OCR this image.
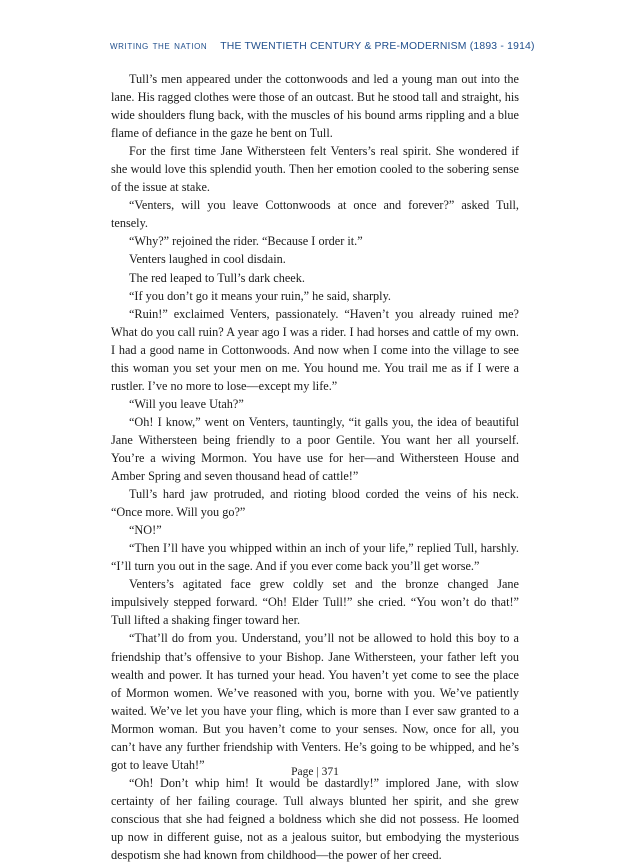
writing the nation THE TWENTIETH CENTURY & PRE-MODERNISM (1893 - 1914)

Tull’s men appeared under the cottonwoods and led a young man out into the lane. His ragged clothes were those of an outcast. But he stood tall and straight, his wide shoulders flung back, with the muscles of his bound arms rippling and a blue flame of defiance in the gaze he bent on Tull.

For the first time Jane Withersteen felt Venters’s real spirit. She wondered if she would love this splendid youth. Then her emotion cooled to the sobering sense of the issue at stake.

“Venters, will you leave Cottonwoods at once and forever?” asked Tull, tensely.

“Why?” rejoined the rider. “Because I order it.”

Venters laughed in cool disdain.

The red leaped to Tull’s dark cheek.

“If you don’t go it means your ruin,” he said, sharply.

“Ruin!” exclaimed Venters, passionately. “Haven’t you already ruined me? What do you call ruin? A year ago I was a rider. I had horses and cattle of my own. I had a good name in Cottonwoods. And now when I come into the village to see this woman you set your men on me. You hound me. You trail me as if I were a rustler. I’ve no more to lose—except my life.”

“Will you leave Utah?”

“Oh! I know,” went on Venters, tauntingly, “it galls you, the idea of beautiful Jane Withersteen being friendly to a poor Gentile. You want her all yourself. You’re a wiving Mormon. You have use for her—and Withersteen House and Amber Spring and seven thousand head of cattle!”

Tull’s hard jaw protruded, and rioting blood corded the veins of his neck. “Once more. Will you go?”

“NO!”

“Then I’ll have you whipped within an inch of your life,” replied Tull, harshly. “I’ll turn you out in the sage. And if you ever come back you’ll get worse.”

Venters’s agitated face grew coldly set and the bronze changed Jane impulsively stepped forward. “Oh! Elder Tull!” she cried. “You won’t do that!” Tull lifted a shaking finger toward her.

“That’ll do from you. Understand, you’ll not be allowed to hold this boy to a friendship that’s offensive to your Bishop. Jane Withersteen, your father left you wealth and power. It has turned your head. You haven’t yet come to see the place of Mormon women. We’ve reasoned with you, borne with you. We’ve patiently waited. We’ve let you have your fling, which is more than I ever saw granted to a Mormon woman. But you haven’t come to your senses. Now, once for all, you can’t have any further friendship with Venters. He’s going to be whipped, and he’s got to leave Utah!”

“Oh! Don’t whip him! It would be dastardly!” implored Jane, with slow certainty of her failing courage. Tull always blunted her spirit, and she grew conscious that she had feigned a boldness which she did not possess. He loomed up now in different guise, not as a jealous suitor, but embodying the mysterious despotism she had known from childhood—the power of her creed.

Page | 371
